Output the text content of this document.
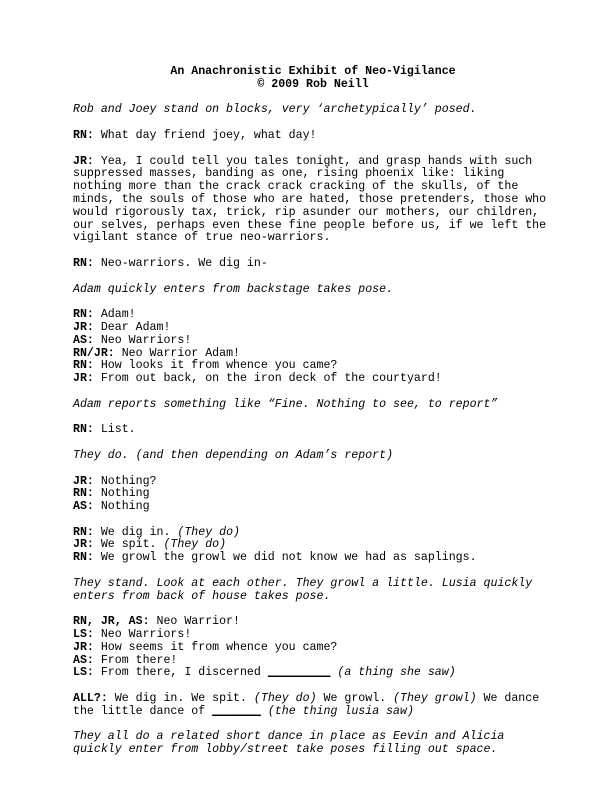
An Anachronistic Exhibit of Neo-Vigilance

© 2009 Rob Neill

Rob and Joey stand on blocks, very ‘archetypically’ posed.

RN: What day friend joey, what day!

JR: Yea, I could tell you tales tonight, and grasp hands with such suppressed masses, banding as one, rising phoenix like: liking nothing more than the crack crack cracking of the skulls, of the minds, the souls of those who are hated, those pretenders, those who would rigorously tax, trick, rip asunder our mothers, our children, our selves, perhaps even these fine people before us, if we left the vigilant stance of true neo-warriors.

RN: Neo-warriors. We dig in-

Adam quickly enters from backstage takes pose.

RN: Adam!

JR: Dear Adam!

AS: Neo Warriors!

RN/JR: Neo Warrior Adam!

RN: How looks it from whence you came?

JR: From out back, on the iron deck of the courtyard!

Adam reports something like “Fine. Nothing to see, to report”

RN: List.

They do. (and then depending on Adam’s report)

JR: Nothing?

RN: Nothing

AS: Nothing

RN: We dig in. (They do)

JR: We spit. (They do)

RN: We growl the growl we did not know we had as saplings.

They stand. Look at each other. They growl a little. Lusia quickly enters from back of house takes pose.

RN, JR, AS: Neo Warrior!

LS: Neo Warriors!

JR: How seems it from whence you came?

AS: From there!

LS: From there, I discerned _________ (a thing she saw)

ALL?: We dig in. We spit. (They do) We growl. (They growl) We dance the little dance of _______ (the thing lusia saw)

They all do a related short dance in place as Eevin and Alicia quickly enter from lobby/street take poses filling out space.
